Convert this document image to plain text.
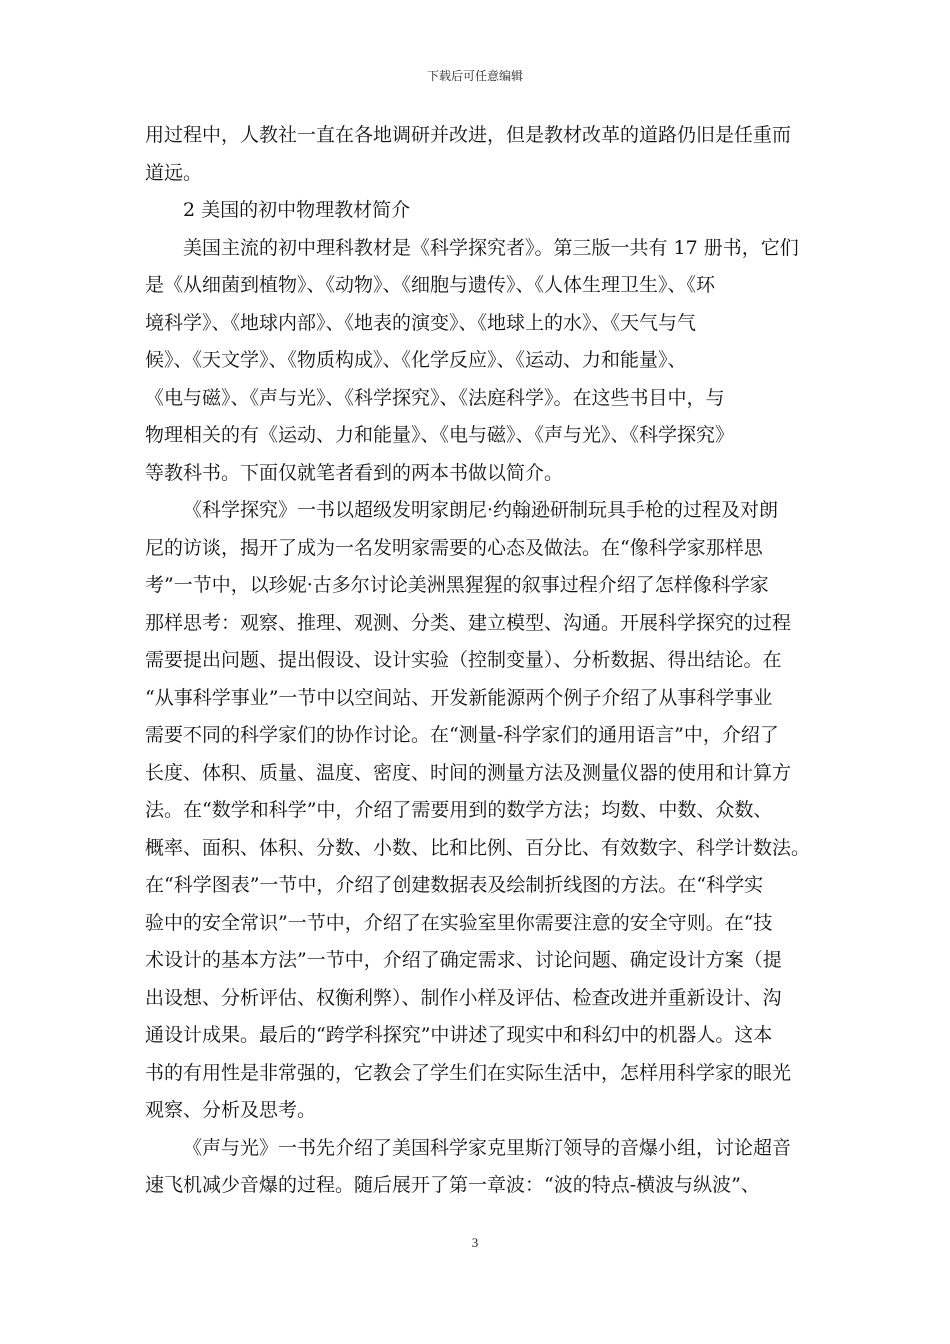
下载后可任意编辑
用过程中，人教社一直在各地调研并改进，但是教材改革的道路仍旧是任重而
道远。
2 美国的初中物理教材简介
美国主流的初中理科教材是《科学探究者》。第三版一共有 17 册书，它们
是《从细菌到植物》、《动物》、《细胞与遗传》、《人体生理卫生》、《环
境科学》、《地球内部》、《地表的演变》、《地球上的水》、《天气与气
候》、《天文学》、《物质构成》、《化学反应》、《运动、力和能量》、
《电与磁》、《声与光》、《科学探究》、《法庭科学》。在这些书目中，与
物理相关的有《运动、力和能量》、《电与磁》、《声与光》、《科学探究》
等教科书。下面仅就笔者看到的两本书做以简介。
《科学探究》一书以超级发明家朗尼·约翰逊研制玩具手枪的过程及对朗
尼的访谈，揭开了成为一名发明家需要的心态及做法。在“像科学家那样思
考”一节中，以珍妮·古多尔讨论美洲黑猩猩的叙事过程介绍了怎样像科学家
那样思考：观察、推理、观测、分类、建立模型、沟通。开展科学探究的过程
需要提出问题、提出假设、设计实验（控制变量）、分析数据、得出结论。在
“从事科学事业”一节中以空间站、开发新能源两个例子介绍了从事科学事业
需要不同的科学家们的协作讨论。在“测量-科学家们的通用语言”中，介绍了
长度、体积、质量、温度、密度、时间的测量方法及测量仪器的使用和计算方
法。在“数学和科学”中，介绍了需要用到的数学方法；均数、中数、众数、
概率、面积、体积、分数、小数、比和比例、百分比、有效数字、科学计数法。
在“科学图表”一节中，介绍了创建数据表及绘制折线图的方法。在“科学实
验中的安全常识”一节中，介绍了在实验室里你需要注意的安全守则。在“技
术设计的基本方法”一节中，介绍了确定需求、讨论问题、确定设计方案（提
出设想、分析评估、权衡利弊）、制作小样及评估、检查改进并重新设计、沟
通设计成果。最后的“跨学科探究”中讲述了现实中和科幻中的机器人。这本
书的有用性是非常强的，它教会了学生们在实际生活中，怎样用科学家的眼光
观察、分析及思考。
《声与光》一书先介绍了美国科学家克里斯汀领导的音爆小组，讨论超音
速飞机减少音爆的过程。随后展开了第一章波：“波的特点-横波与纵波”、
3
